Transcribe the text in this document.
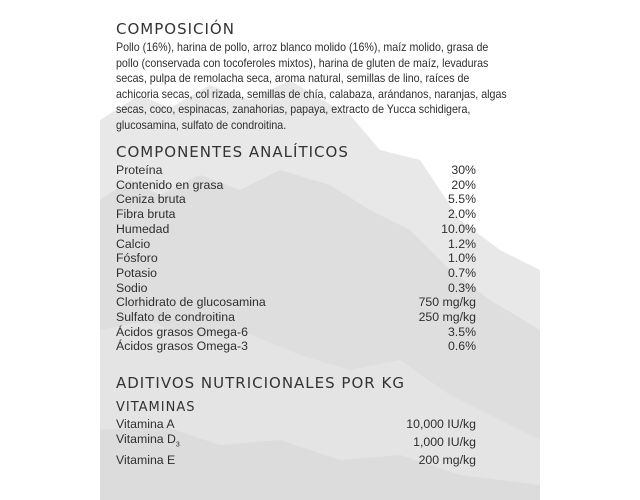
COMPOSICIÓN
Pollo (16%), harina de pollo, arroz blanco molido (16%), maíz molido, grasa de pollo (conservada con tocoferoles mixtos), harina de gluten de maíz, levaduras secas, pulpa de remolacha seca, aroma natural, semillas de lino, raíces de achicoria secas, col rizada, semillas de chía, calabaza, arándanos, naranjas, algas secas, coco, espinacas, zanahorias, papaya, extracto de Yucca schidigera, glucosamina, sulfato de condroitina.
COMPONENTES ANALÍTICOS
Proteína	30%
Contenido en grasa	20%
Ceniza bruta	5.5%
Fibra bruta	2.0%
Humedad	10.0%
Calcio	1.2%
Fósforo	1.0%
Potasio	0.7%
Sodio	0.3%
Clorhidrato de glucosamina	750 mg/kg
Sulfato de condroitina	250 mg/kg
Ácidos grasos Omega-6	3.5%
Ácidos grasos Omega-3	0.6%
ADITIVOS NUTRICIONALES POR KG
VITAMINAS
Vitamina A	10,000 IU/kg
Vitamina $D_3$	1,000 IU/kg
Vitamina E	200 mg/kg
